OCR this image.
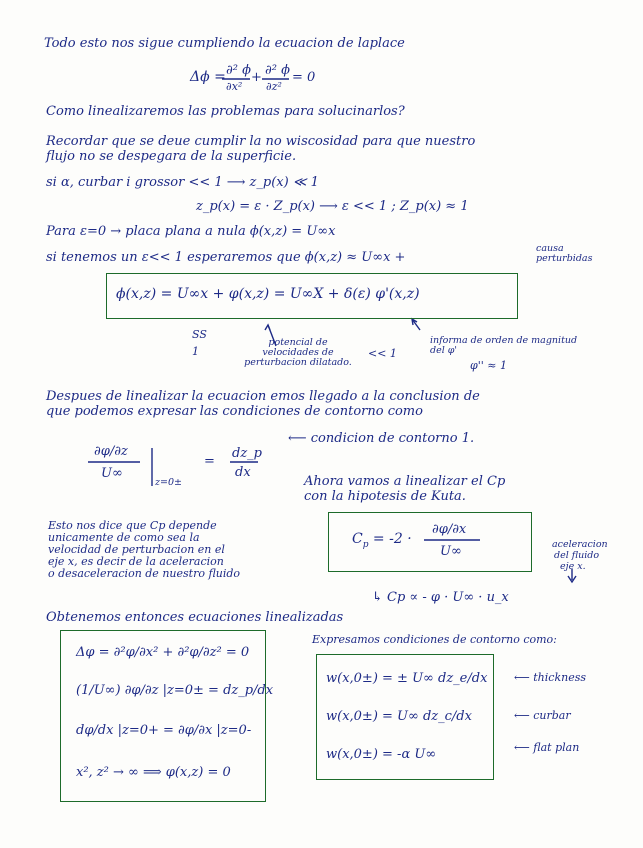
Todo esto nos sigue cumpliendo la ecuacion de laplace
Δϕ = ∂² ϕ
∂x²
+ ∂² ϕ
∂z²
= 0
Como linealizaremos las problemas para solucinarlos?
Recordar que se deue cumplir la no wiscosidad para que nuestro
flujo no se despegara de la superficie.
si α, curbar i grossor << 1 ⟶ z_p(x) ≪ 1
z_p(x) = ε · Z_p(x) ⟶ ε << 1 ; Z_p(x) ≈ 1
Para ε=0 → placa plana a nula ϕ(x,z) = U∞x
si tenemos un ε<< 1 esperaremos que ϕ(x,z) ≈ U∞x +
causa perturbidas
ϕ(x,z) = U∞x + φ(x,z) = U∞X + δ(ε) φ'(x,z)
SS
1
potencial de velocidades de perturbacion dilatado.
<< 1
informa de orden de magnitud del φ'
φ'' ≈ 1
Despues de linealizar la ecuacion emos llegado a la conclusion de
que podemos expresar las condiciones de contorno como
∂φ/∂z
U∞
z=0±
=
dz_p
dx
⟵ condicion de contorno 1.
Ahora vamos a linealizar el Cp
con la hipotesis de Kuta.
Esto nos dice que Cp depende
unicamente de como sea la
velocidad de perturbacion en el
eje x, es decir de la aceleracion
o desaceleracion de nuestro fluido
$C_p = -2$ ·
∂φ/∂x
U∞	aceleracion
del fluido
eje x.
↳ Cp ∝ - φ · U∞ · u_x
Obtenemos entonces ecuaciones linealizadas
Δφ = ∂²φ/∂x² + ∂²φ/∂z² = 0
(1/U∞) ∂φ/∂z |z=0± = dz_p/dx
dφ/dx |z=0+ = ∂φ/∂x |z=0-
x², z² → ∞ ⟹ φ(x,z) = 0
Expresamos condiciones de contorno como:
w(x,0±) = ± U∞ dz_e/dx
w(x,0±) = U∞ dz_c/dx
w(x,0±) = -α U∞
⟵ thickness
⟵ curbar
⟵ flat plan
